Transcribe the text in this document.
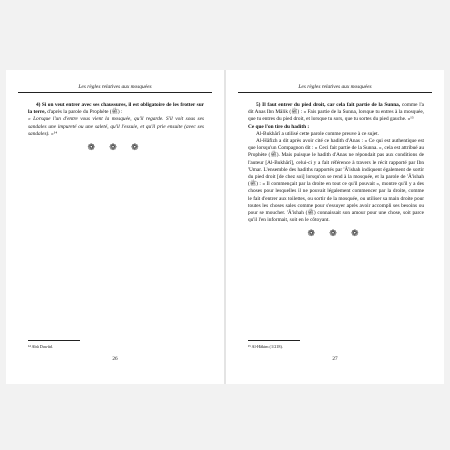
Les règles relatives aux mosquées

4) Si on veut entrer avec ses chaussures, il est obligatoire de les frotter sur la terre, d'après la parole du Prophète (ﷺ) :

« Lorsque l'un d'entre vous vient la mosquée, qu'il regarde. S'il voit sous ses sandales une impureté ou une saleté, qu'il l'essuie, et qu'il prie ensuite (avec ses sandales). »¹⁴

❁ ❁ ❁
¹⁴ Abû Dawûd.
26
Les règles relatives aux mosquées

5) Il faut entrer du pied droit, car cela fait partie de la Sunna, comme l'a dit Anas Ibn Mâlik (ﷺ) : « Fais partie de la Sunna, lorsque tu entres à la mosquée, que tu entres du pied droit, et lorsque tu sors, que tu sortes du pied gauche. »¹⁵

Ce que l'on tire du hadith :

Al-Bukhârî a utilisé cette parole comme preuve à ce sujet.

Al-Hâfizh a dit après avoir cité ce hadith d'Anas : « Ce qui est authentique est que lorsqu'un Compagnon dit : « Ceci fait partie de la Sunna. », cela est attribué au Prophète (ﷺ). Mais puisque le hadith d'Anas ne répondait pas aux conditions de l'auteur [Al-Bukhârî], celui-ci y a fait référence à travers le récit rapporté par Ibn 'Umar. L'ensemble des hadiths rapportés par 'Â'ishah indiquent également de sortir du pied droit [de chez soi] lorsqu'on se rend à la mosquée, et la parole de 'Â'ishah (ﷺ) : « Il commençait par la droite en tout ce qu'il pouvait », montre qu'il y a des choses pour lesquelles il ne pouvait légalement commencer par la droite, comme le fait d'entrer aux toilettes, ou sortir de la mosquée, ou utiliser sa main droite pour toutes les choses sales comme pour s'essuyer après avoir accompli ses besoins ou pour se moucher. 'Â'ishah (ﷺ) connaissait son amour pour une chose, soit parce qu'il l'en informait, soit en le côtoyant.

❁ ❁ ❁
¹⁵ Al-Hâkim (1/218).
27
